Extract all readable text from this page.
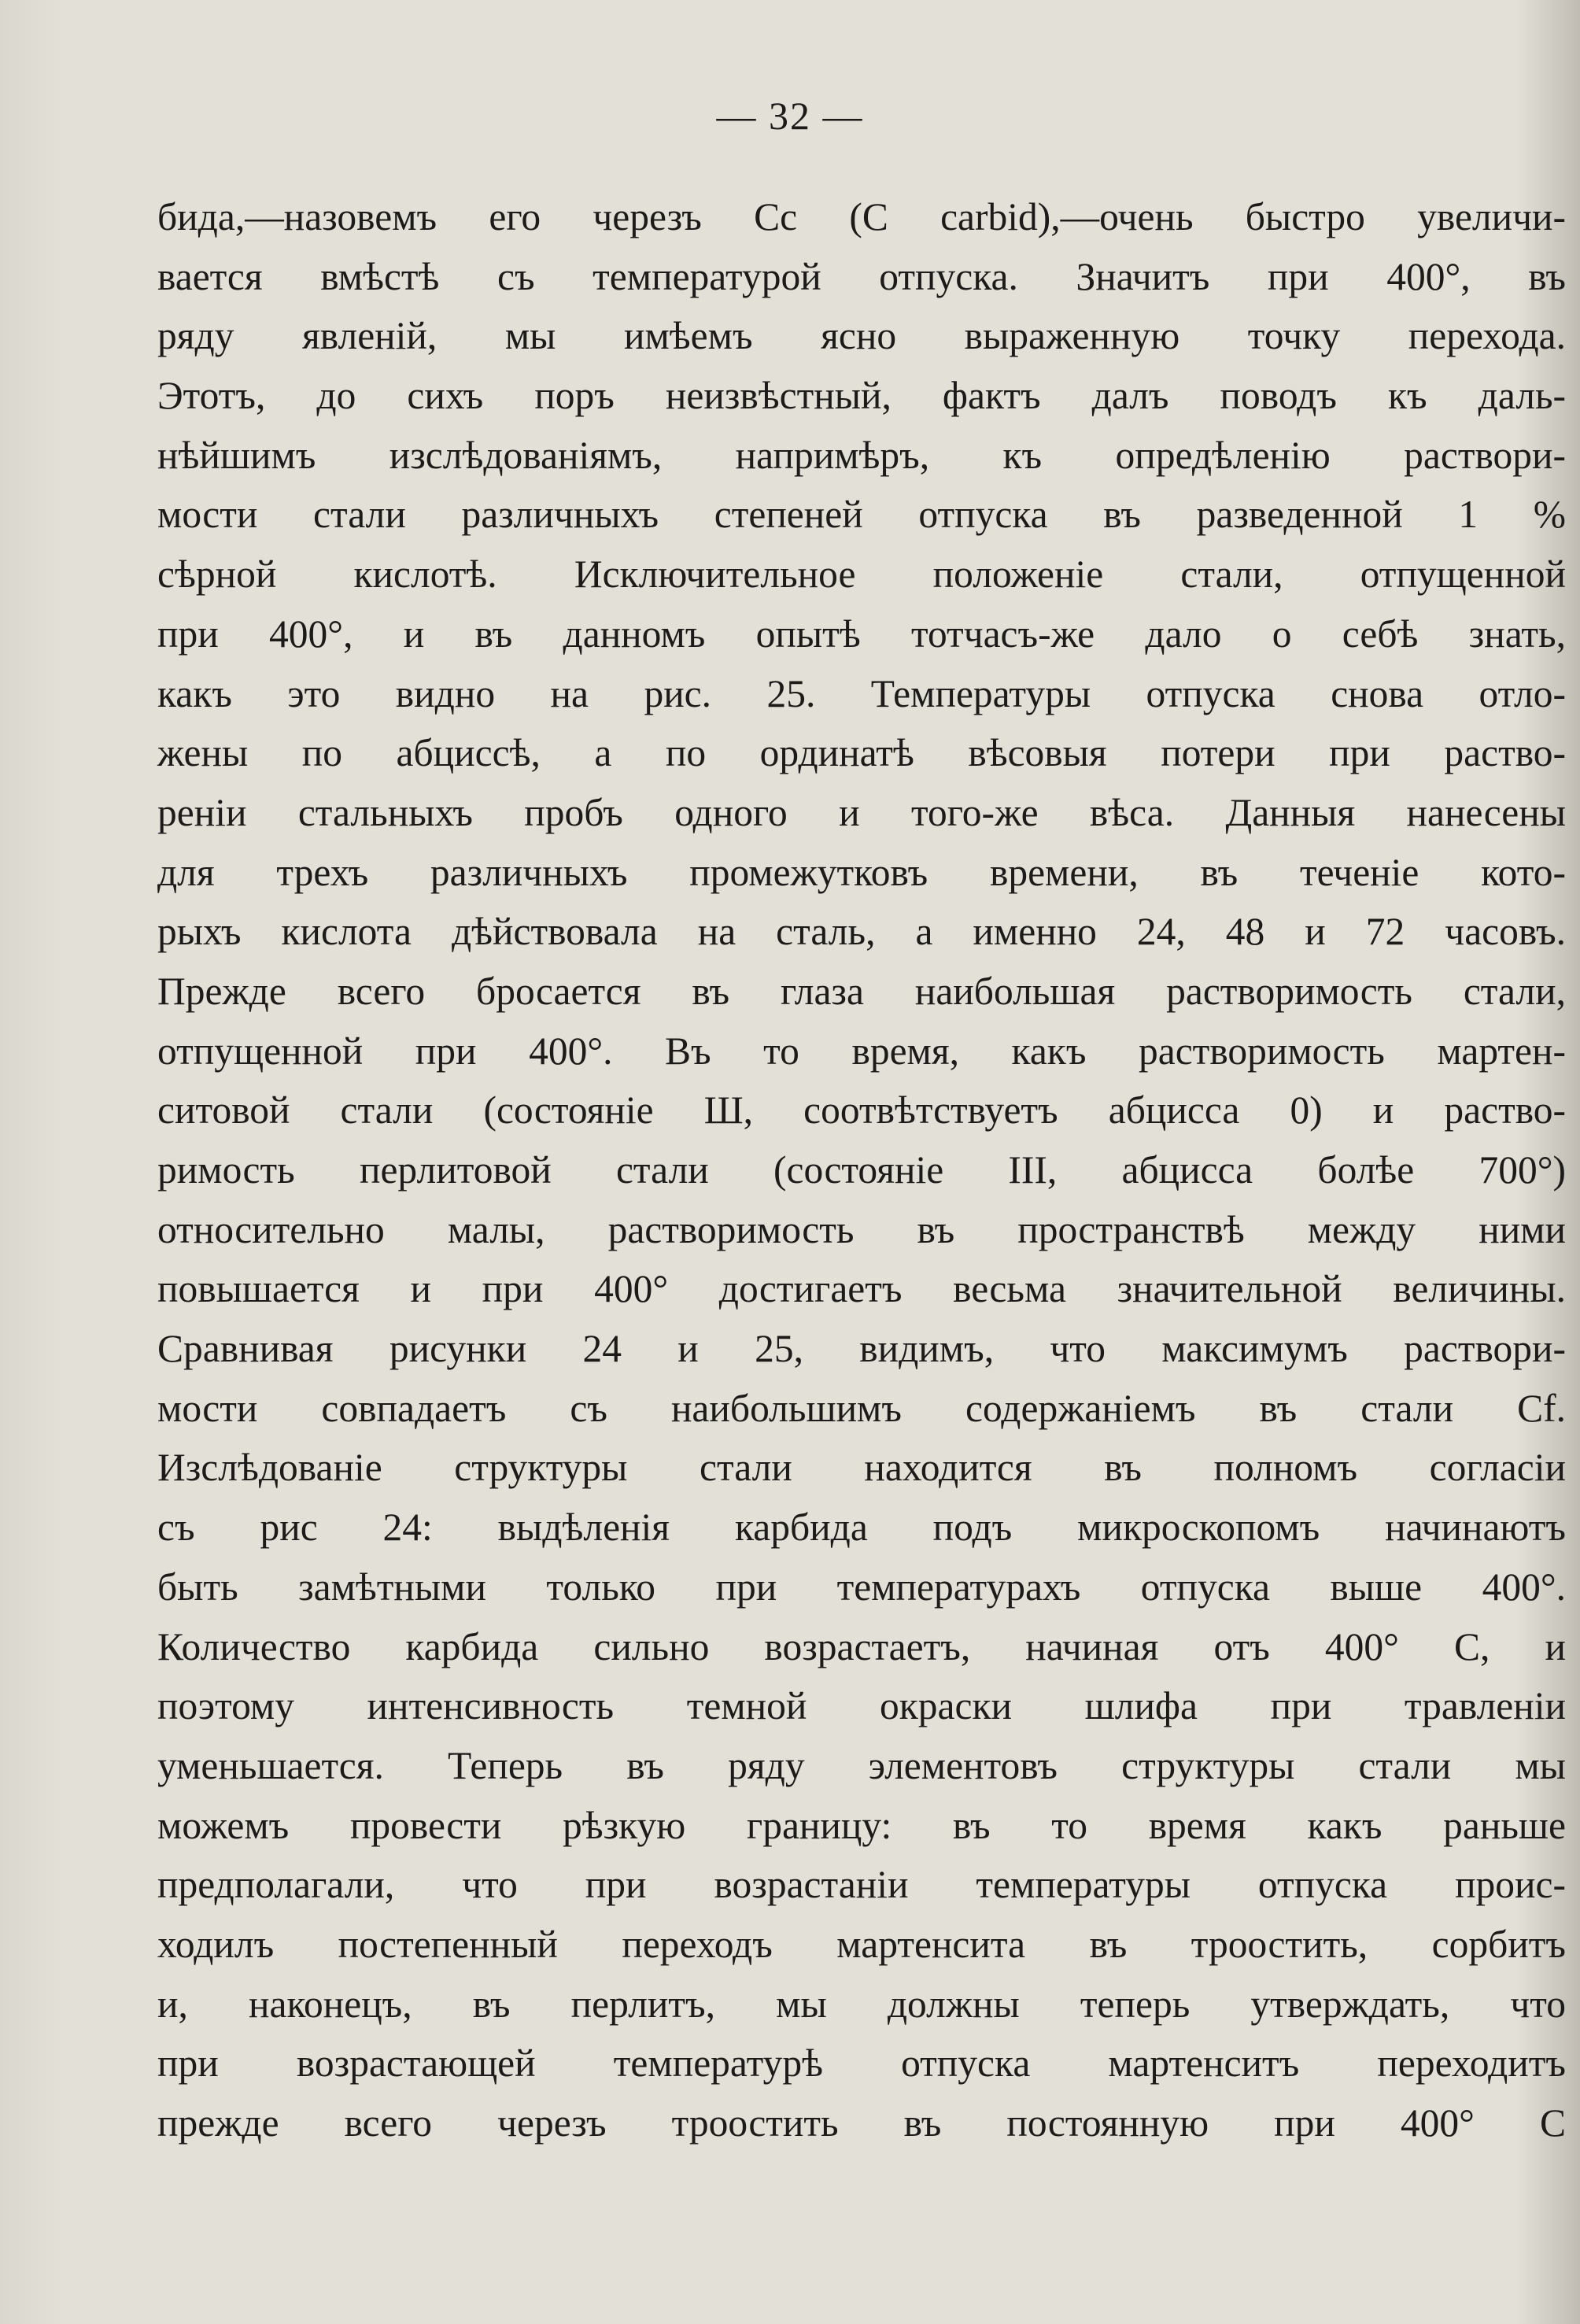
— 32 —
бида,—назовемъ его черезъ Cc (C carbid),—очень быстро увеличи-
вается вмѣстѣ съ температурой отпуска. Значитъ при 400°, въ
ряду явленій, мы имѣемъ ясно выраженную точку перехода.
Этотъ, до сихъ поръ неизвѣстный, фактъ далъ поводъ къ даль-
нѣйшимъ изслѣдованіямъ, напримѣръ, къ опредѣленію раствори-
мости стали различныхъ степеней отпуска въ разведенной 1 %
сѣрной кислотѣ. Исключительное положеніе стали, отпущенной
при 400°, и въ данномъ опытѣ тотчасъ-же дало о себѣ знать,
какъ это видно на рис. 25. Температуры отпуска снова отло-
жены по абциссѣ, а по ординатѣ вѣсовыя потери при раство-
реніи стальныхъ пробъ одного и того-же вѣса. Данныя нанесены
для трехъ различныхъ промежутковъ времени, въ теченіе кото-
рыхъ кислота дѣйствовала на сталь, а именно 24, 48 и 72 часовъ.
Прежде всего бросается въ глаза наибольшая растворимость стали,
отпущенной при 400°. Въ то время, какъ растворимость мартен-
ситовой стали (состояніе Ш, соотвѣтствуетъ абцисса 0) и раство-
римость перлитовой стали (состояніе III, абцисса болѣе 700°)
относительно малы, растворимость въ пространствѣ между ними
повышается и при 400° достигаетъ весьма значительной величины.
Сравнивая рисунки 24 и 25, видимъ, что максимумъ раствори-
мости совпадаетъ съ наибольшимъ содержаніемъ въ стали Cf.
Изслѣдованіе структуры стали находится въ полномъ согласіи
съ рис 24: выдѣленія карбида подъ микроскопомъ начинаютъ
быть замѣтными только при температурахъ отпуска выше 400°.
Количество карбида сильно возрастаетъ, начиная отъ 400° C, и
поэтому интенсивность темной окраски шлифа при травленіи
уменьшается. Теперь въ ряду элементовъ структуры стали мы
можемъ провести рѣзкую границу: въ то время какъ раньше
предполагали, что при возрастаніи температуры отпуска проис-
ходилъ постепенный переходъ мартенсита въ троостить, сорбитъ
и, наконецъ, въ перлитъ, мы должны теперь утверждать, что
при возрастающей температурѣ отпуска мартенситъ переходитъ
прежде всего черезъ троостить въ постоянную при 400° C
